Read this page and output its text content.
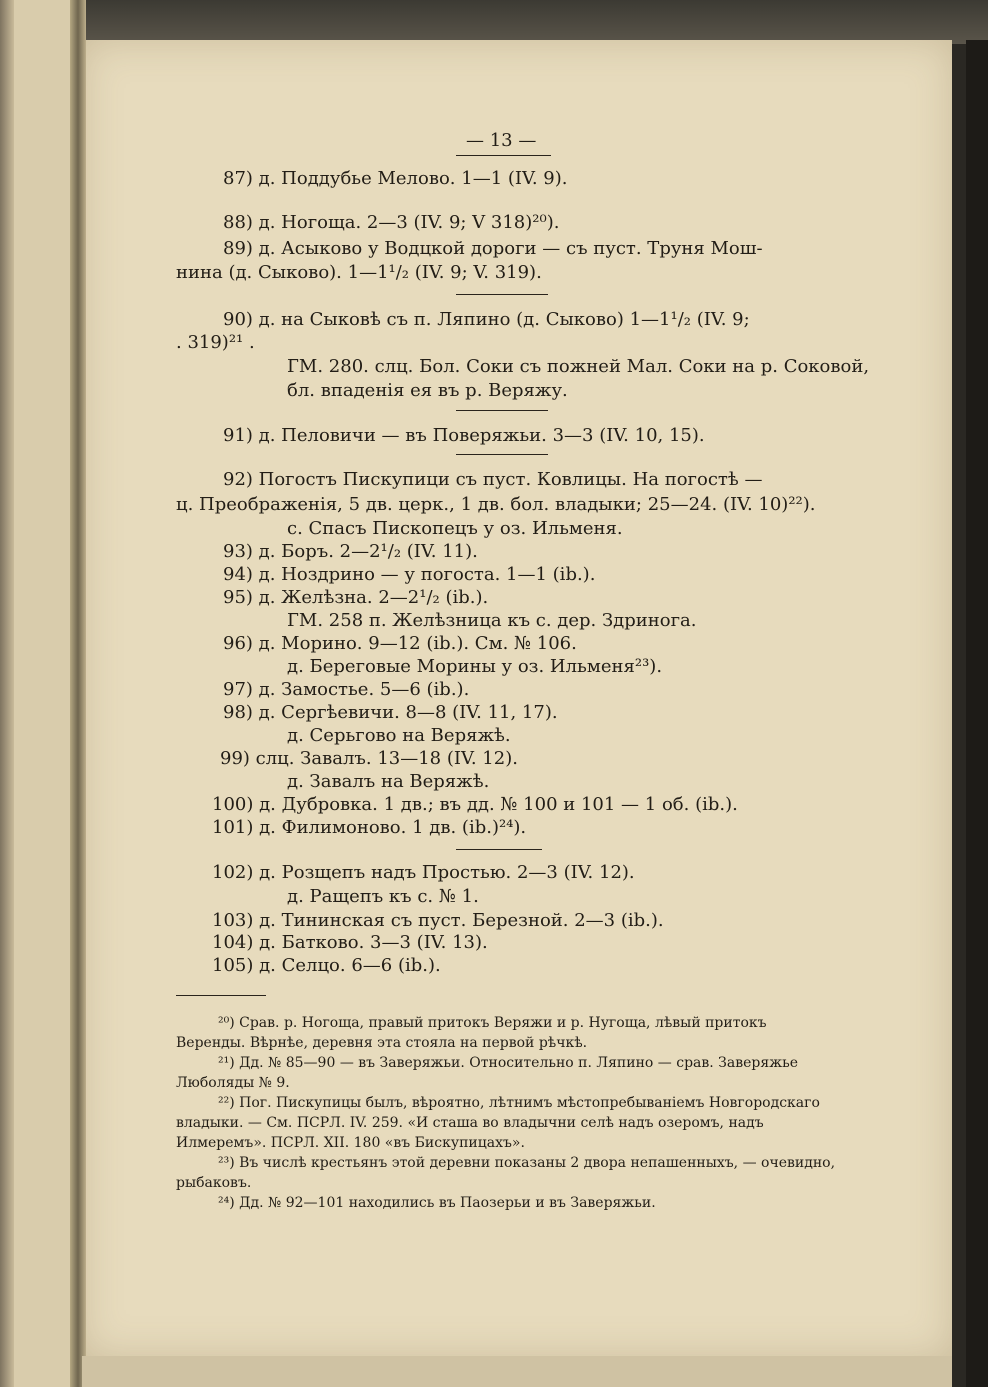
— 13 —
87) д. Поддубье Мелово. 1—1 (IV. 9).
88) д. Ногоща. 2—3 (IV. 9; V 318)²⁰).
89) д. Асыково у Водцкой дороги — съ пуст. Труня Мош-
нина (д. Сыково). 1—1¹/₂ (IV. 9; V. 319).
90) д. на Сыковѣ съ п. Ляпино (д. Сыково) 1—1¹/₂ (IV. 9;
. 319)²¹ .
ГМ. 280. слц. Бол. Соки съ пожней Мал. Соки на р. Соковой,
бл. впаденія ея въ р. Веряжу.
91) д. Пеловичи — въ Поверяжьи. 3—3 (IV. 10, 15).
92) Погостъ Пискупици съ пуст. Ковлицы. На погостѣ —
ц. Преображенія, 5 дв. церк., 1 дв. бол. владыки; 25—24. (IV. 10)²²).
с. Спасъ Пископецъ у оз. Ильменя.
93) д. Боръ. 2—2¹/₂ (IV. 11).
94) д. Ноздрино — у погоста. 1—1 (ib.).
95) д. Желѣзна. 2—2¹/₂ (ib.).
ГМ. 258 п. Желѣзница къ с. дер. Здринога.
96) д. Морино. 9—12 (ib.). См. № 106.
д. Береговые Морины у оз. Ильменя²³).
97) д. Замостье. 5—6 (ib.).
98) д. Сергѣевичи. 8—8 (IV. 11, 17).
д. Серьгово на Веряжѣ.
99) слц. Завалъ. 13—18 (IV. 12).
д. Завалъ на Веряжѣ.
100) д. Дубровка. 1 дв.; въ дд. № 100 и 101 — 1 об. (ib.).
101) д. Филимоново. 1 дв. (ib.)²⁴).
102) д. Розщепъ надъ Простью. 2—3 (IV. 12).
д. Ращепъ къ с. № 1.
103) д. Тининская съ пуст. Березной. 2—3 (ib.).
104) д. Батково. 3—3 (IV. 13).
105) д. Селцо. 6—6 (ib.).
²⁰) Срав. р. Ногоща, правый притокъ Веряжи и р. Нугоща, лѣвый притокъ
Веренды. Вѣрнѣе, деревня эта стояла на первой рѣчкѣ.
²¹) Дд. № 85—90 — въ Заверяжьи. Относительно п. Ляпино — срав. Заверяжье
Люболяды № 9.
²²) Пог. Пискупицы былъ, вѣроятно, лѣтнимъ мѣстопребываніемъ Новгородскаго
владыки. — См. ПСРЛ. IV. 259. «И сташа во владычни селѣ надъ озеромъ, надъ
Илмеремъ». ПСРЛ. XII. 180 «въ Бискупицахъ».
²³) Въ числѣ крестьянъ этой деревни показаны 2 двора непашенныхъ, — очевидно,
рыбаковъ.
²⁴) Дд. № 92—101 находились въ Паозерьи и въ Заверяжьи.
